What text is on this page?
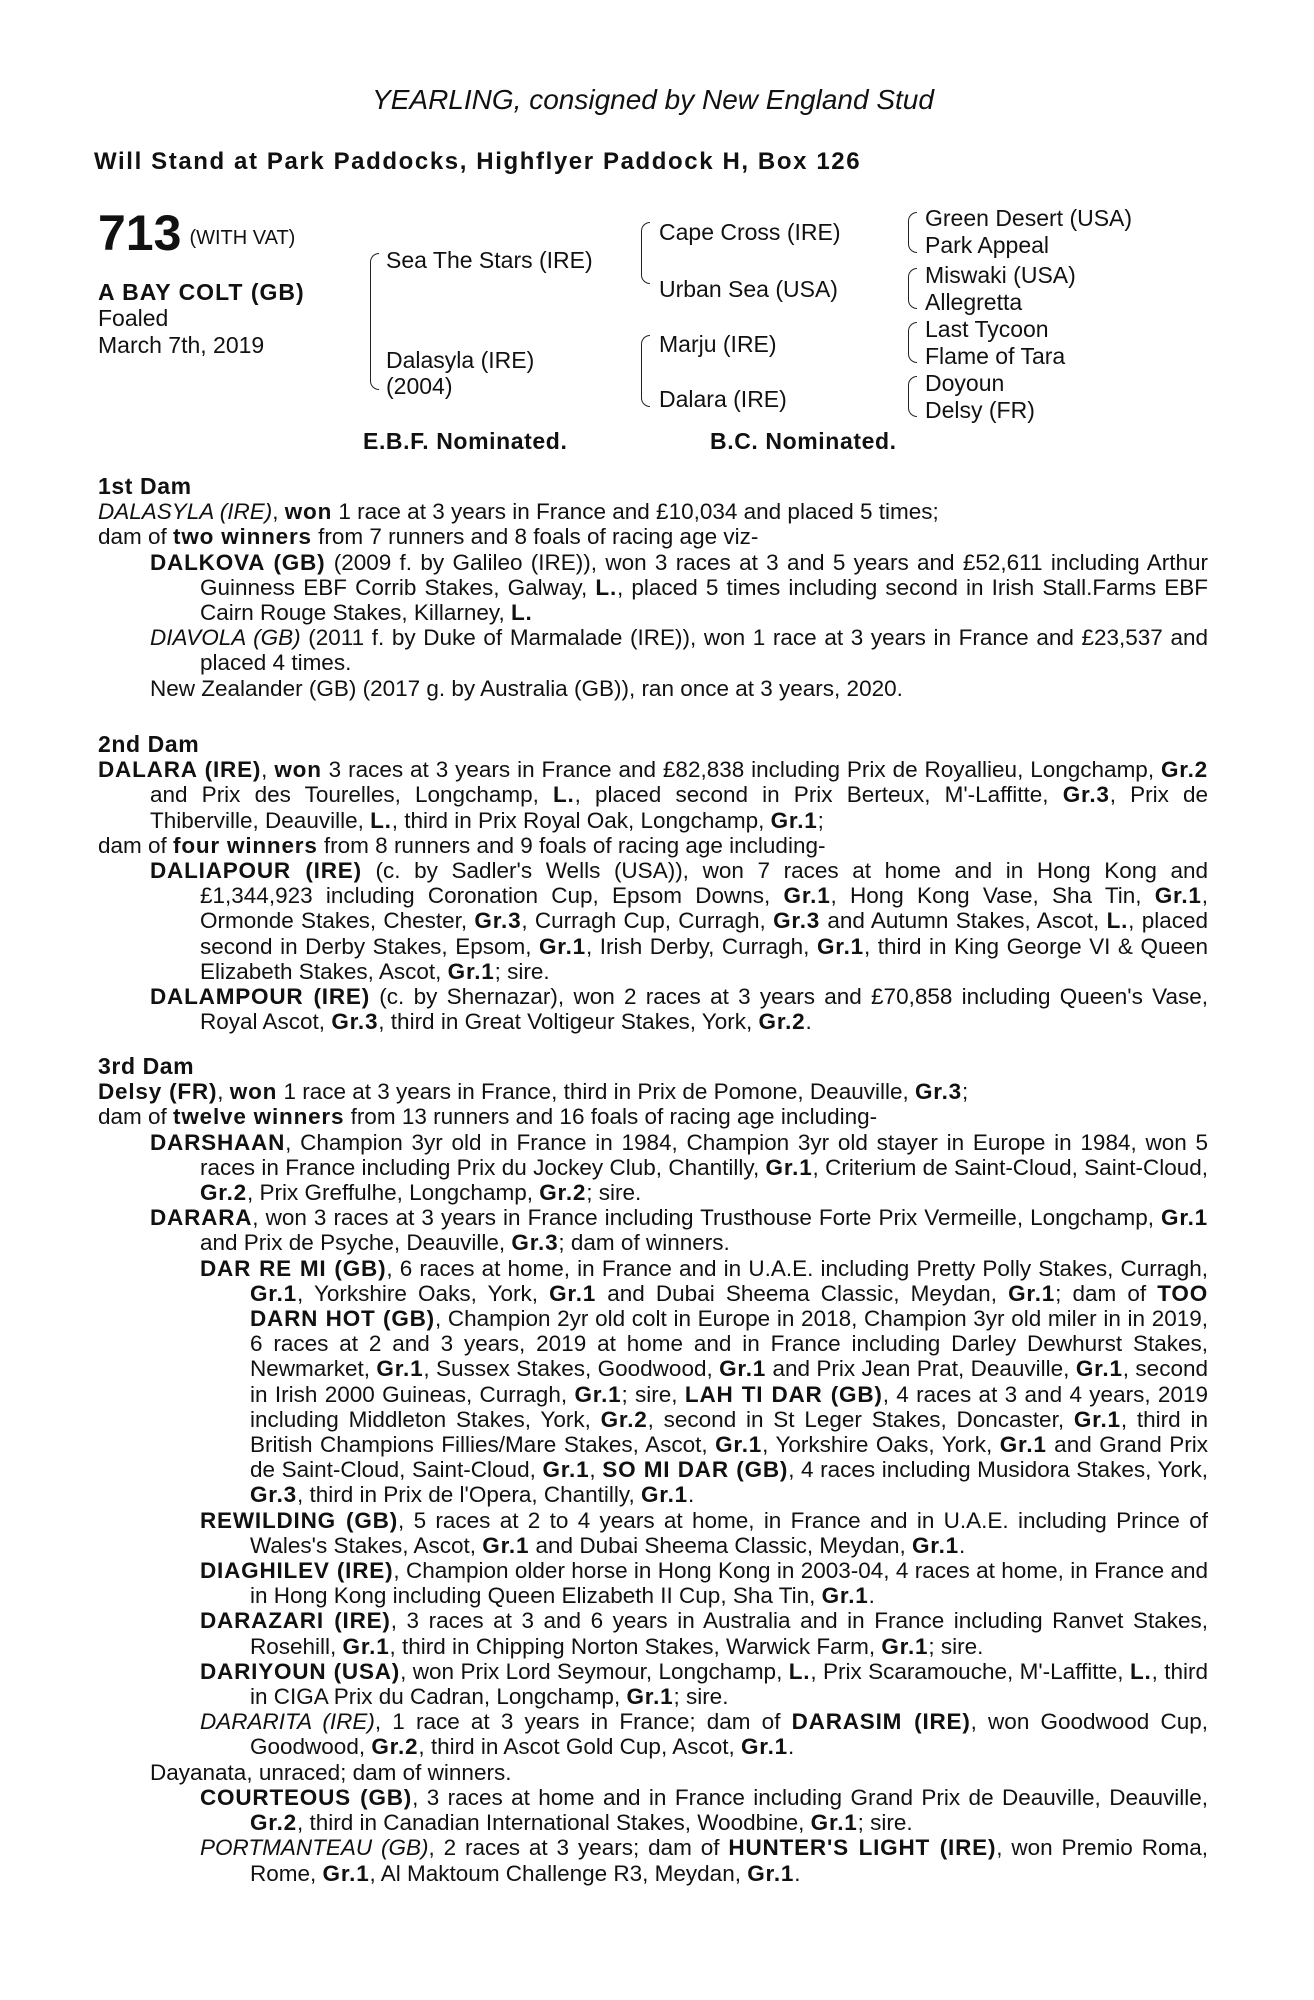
YEARLING, consigned by New England Stud
Will Stand at Park Paddocks, Highflyer Paddock H, Box 126
713 (WITH VAT)
A BAY COLT (GB)
Foaled
March 7th, 2019
Sea The Stars (IRE)
Dalasyla (IRE)
(2004)
Cape Cross (IRE)
Urban Sea (USA)
Marju (IRE)
Dalara (IRE)
Green Desert (USA)
Park Appeal
Miswaki (USA)
Allegretta
Last Tycoon
Flame of Tara
Doyoun
Delsy (FR)
E.B.F. Nominated.	B.C. Nominated.
1st Dam
DALASYLA (IRE), won 1 race at 3 years in France and £10,034 and placed 5 times;
dam of two winners from 7 runners and 8 foals of racing age viz-
DALKOVA (GB) (2009 f. by Galileo (IRE)), won 3 races at 3 and 5 years and £52,611 including Arthur Guinness EBF Corrib Stakes, Galway, L., placed 5 times including second in Irish Stall.Farms EBF Cairn Rouge Stakes, Killarney, L.
DIAVOLA (GB) (2011 f. by Duke of Marmalade (IRE)), won 1 race at 3 years in France and £23,537 and placed 4 times.
New Zealander (GB) (2017 g. by Australia (GB)), ran once at 3 years, 2020.
2nd Dam
DALARA (IRE), won 3 races at 3 years in France and £82,838 including Prix de Royallieu, Longchamp, Gr.2 and Prix des Tourelles, Longchamp, L., placed second in Prix Berteux, M'-Laffitte, Gr.3, Prix de Thiberville, Deauville, L., third in Prix Royal Oak, Longchamp, Gr.1;
dam of four winners from 8 runners and 9 foals of racing age including-
DALIAPOUR (IRE) (c. by Sadler's Wells (USA)), won 7 races at home and in Hong Kong and £1,344,923 including Coronation Cup, Epsom Downs, Gr.1, Hong Kong Vase, Sha Tin, Gr.1, Ormonde Stakes, Chester, Gr.3, Curragh Cup, Curragh, Gr.3 and Autumn Stakes, Ascot, L., placed second in Derby Stakes, Epsom, Gr.1, Irish Derby, Curragh, Gr.1, third in King George VI & Queen Elizabeth Stakes, Ascot, Gr.1; sire.
DALAMPOUR (IRE) (c. by Shernazar), won 2 races at 3 years and £70,858 including Queen's Vase, Royal Ascot, Gr.3, third in Great Voltigeur Stakes, York, Gr.2.
3rd Dam
Delsy (FR), won 1 race at 3 years in France, third in Prix de Pomone, Deauville, Gr.3;
dam of twelve winners from 13 runners and 16 foals of racing age including-
DARSHAAN, Champion 3yr old in France in 1984, Champion 3yr old stayer in Europe in 1984, won 5 races in France including Prix du Jockey Club, Chantilly, Gr.1, Criterium de Saint-Cloud, Saint-Cloud, Gr.2, Prix Greffulhe, Longchamp, Gr.2; sire.
DARARA, won 3 races at 3 years in France including Trusthouse Forte Prix Vermeille, Longchamp, Gr.1 and Prix de Psyche, Deauville, Gr.3; dam of winners.
DAR RE MI (GB), 6 races at home, in France and in U.A.E. including Pretty Polly Stakes, Curragh, Gr.1, Yorkshire Oaks, York, Gr.1 and Dubai Sheema Classic, Meydan, Gr.1; dam of TOO DARN HOT (GB), Champion 2yr old colt in Europe in 2018, Champion 3yr old miler in in 2019, 6 races at 2 and 3 years, 2019 at home and in France including Darley Dewhurst Stakes, Newmarket, Gr.1, Sussex Stakes, Goodwood, Gr.1 and Prix Jean Prat, Deauville, Gr.1, second in Irish 2000 Guineas, Curragh, Gr.1; sire, LAH TI DAR (GB), 4 races at 3 and 4 years, 2019 including Middleton Stakes, York, Gr.2, second in St Leger Stakes, Doncaster, Gr.1, third in British Champions Fillies/Mare Stakes, Ascot, Gr.1, Yorkshire Oaks, York, Gr.1 and Grand Prix de Saint-Cloud, Saint-Cloud, Gr.1, SO MI DAR (GB), 4 races including Musidora Stakes, York, Gr.3, third in Prix de l'Opera, Chantilly, Gr.1.
REWILDING (GB), 5 races at 2 to 4 years at home, in France and in U.A.E. including Prince of Wales's Stakes, Ascot, Gr.1 and Dubai Sheema Classic, Meydan, Gr.1.
DIAGHILEV (IRE), Champion older horse in Hong Kong in 2003-04, 4 races at home, in France and in Hong Kong including Queen Elizabeth II Cup, Sha Tin, Gr.1.
DARAZARI (IRE), 3 races at 3 and 6 years in Australia and in France including Ranvet Stakes, Rosehill, Gr.1, third in Chipping Norton Stakes, Warwick Farm, Gr.1; sire.
DARIYOUN (USA), won Prix Lord Seymour, Longchamp, L., Prix Scaramouche, M'-Laffitte, L., third in CIGA Prix du Cadran, Longchamp, Gr.1; sire.
DARARITA (IRE), 1 race at 3 years in France; dam of DARASIM (IRE), won Goodwood Cup, Goodwood, Gr.2, third in Ascot Gold Cup, Ascot, Gr.1.
Dayanata, unraced; dam of winners.
COURTEOUS (GB), 3 races at home and in France including Grand Prix de Deauville, Deauville, Gr.2, third in Canadian International Stakes, Woodbine, Gr.1; sire.
PORTMANTEAU (GB), 2 races at 3 years; dam of HUNTER'S LIGHT (IRE), won Premio Roma, Rome, Gr.1, Al Maktoum Challenge R3, Meydan, Gr.1.
